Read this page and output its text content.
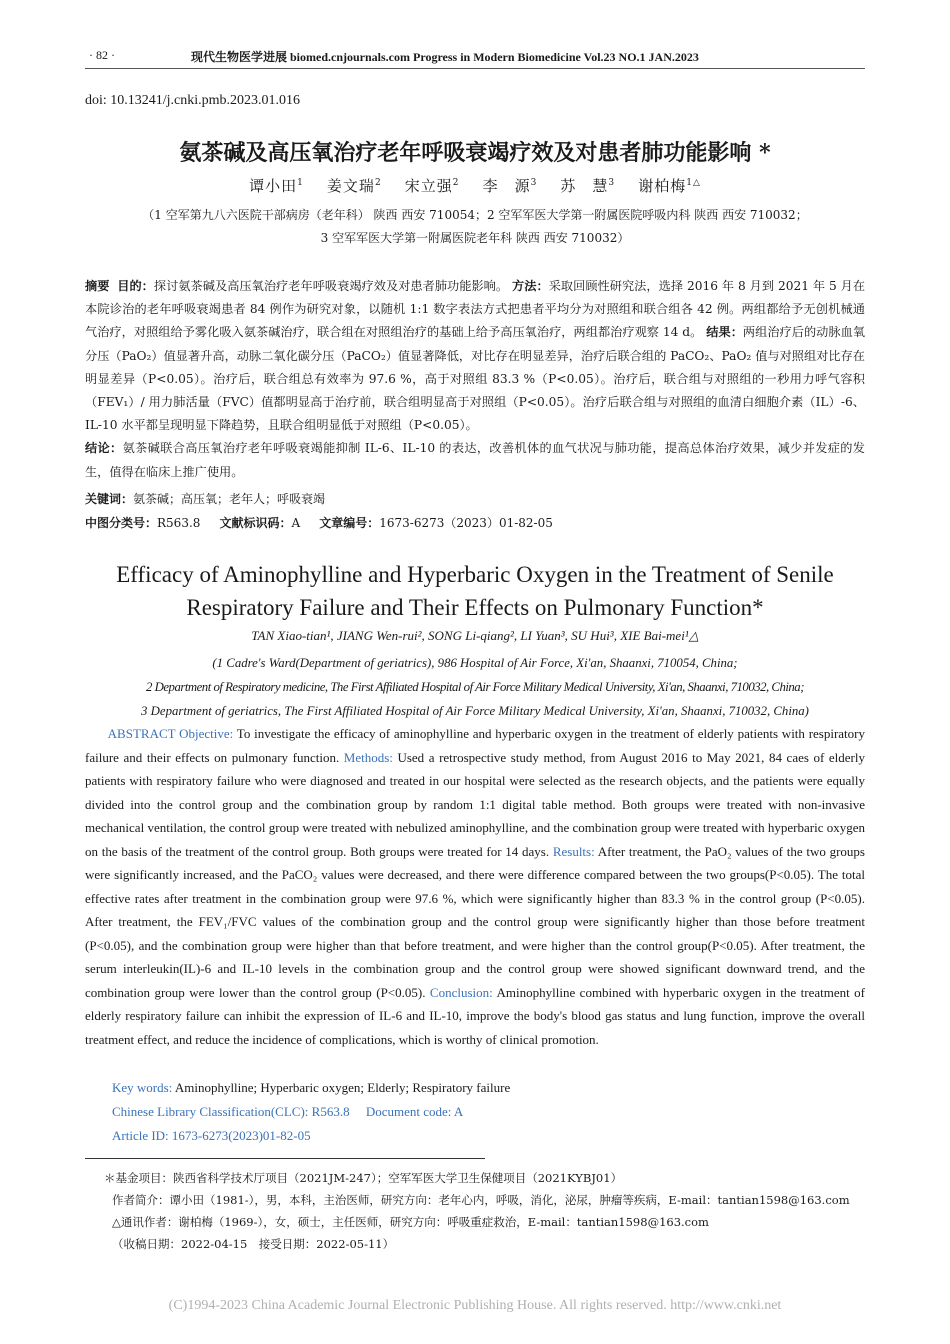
· 82 ·	现代生物医学进展 biomed.cnjournals.com Progress in Modern Biomedicine Vol.23 NO.1 JAN.2023
doi: 10.13241/j.cnki.pmb.2023.01.016
氨茶碱及高压氧治疗老年呼吸衰竭疗效及对患者肺功能影响 *
谭小田$^1$ 姜文瑞$^2$ 宋立强$^2$ 李　源$^3$ 苏　慧$^3$ 谢柏梅$^{1\triangle}$
（1 空军第九八六医院干部病房（老年科） 陕西 西安 710054；2 空军军医大学第一附属医院呼吸内科 陕西 西安 710032；
3 空军军医大学第一附属医院老年科 陕西 西安 710032）
摘要 目的：探讨氨茶碱及高压氧治疗老年呼吸衰竭疗效及对患者肺功能影响。 方法：采取回顾性研究法，选择 2016 年 8 月到 2021 年 5 月在本院诊治的老年呼吸衰竭患者 84 例作为研究对象，以随机 1:1 数字表法方式把患者平均分为对照组和联合组各 42 例。两组都给予无创机械通气治疗，对照组给予雾化吸入氨茶碱治疗，联合组在对照组治疗的基础上给予高压氧治疗，两组都治疗观察 14 d。 结果：两组治疗后的动脉血氧分压（PaO₂）值显著升高，动脉二氧化碳分压（PaCO₂）值显著降低，对比存在明显差异，治疗后联合组的 PaCO₂、PaO₂ 值与对照组对比存在明显差异（P<0.05）。治疗后，联合组总有效率为 97.6 %，高于对照组 83.3 %（P<0.05）。治疗后，联合组与对照组的一秒用力呼气容积（FEV₁）/ 用力肺活量（FVC）值都明显高于治疗前，联合组明显高于对照组（P<0.05）。治疗后联合组与对照组的血清白细胞介素（IL）-6、IL-10 水平都呈现明显下降趋势，且联合组明显低于对照组（P<0.05）。
结论：氨茶碱联合高压氧治疗老年呼吸衰竭能抑制 IL-6、IL-10 的表达，改善机体的血气状况与肺功能，提高总体治疗效果，减少并发症的发生，值得在临床上推广使用。
关键词：氨茶碱；高压氧；老年人；呼吸衰竭
中图分类号：R563.8 文献标识码：A 文章编号：1673-6273（2023）01-82-05
Efficacy of Aminophylline and Hyperbaric Oxygen in the Treatment of Senile
Respiratory Failure and Their Effects on Pulmonary Function*
TAN Xiao-tian¹, JIANG Wen-rui², SONG Li-qiang², LI Yuan³, SU Hui³, XIE Bai-mei¹△
(1 Cadre's Ward(Department of geriatrics), 986 Hospital of Air Force, Xi'an, Shaanxi, 710054, China;
2 Department of Respiratory medicine, The First Affiliated Hospital of Air Force Military Medical University, Xi'an, Shaanxi, 710032, China;
3 Department of geriatrics, The First Affiliated Hospital of Air Force Military Medical University, Xi'an, Shaanxi, 710032, China)
ABSTRACT Objective: To investigate the efficacy of aminophylline and hyperbaric oxygen in the treatment of elderly patients with respiratory failure and their effects on pulmonary function. Methods: Used a retrospective study method, from August 2016 to May 2021, 84 caes of elderly patients with respiratory failure who were diagnosed and treated in our hospital were selected as the research objects, and the patients were equally divided into the control group and the combination group by random 1:1 digital table method. Both groups were treated with non-invasive mechanical ventilation, the control group were treated with nebulized aminophylline, and the combination group were treated with hyperbaric oxygen on the basis of the treatment of the control group. Both groups were treated for 14 days. Results: After treatment, the PaO₂ values of the two groups were significantly increased, and the PaCO₂ values were decreased, and there were difference compared between the two groups(P<0.05). The total effective rates after treatment in the combination group were 97.6 %, which were significantly higher than 83.3 % in the control group (P<0.05). After treatment, the FEV₁/FVC values of the combination group and the control group were significantly higher than those before treatment (P<0.05), and the combination group were higher than that before treatment, and were higher than the control group(P<0.05). After treatment, the serum interleukin(IL)-6 and IL-10 levels in the combination group and the control group were showed significant downward trend, and the combination group were lower than the control group (P<0.05). Conclusion: Aminophylline combined with hyperbaric oxygen in the treatment of elderly respiratory failure can inhibit the expression of IL-6 and IL-10, improve the body's blood gas status and lung function, improve the overall treatment effect, and reduce the incidence of complications, which is worthy of clinical promotion.
Key words: Aminophylline; Hyperbaric oxygen; Elderly; Respiratory failure
Chinese Library Classification(CLC): R563.8 Document code: A
Article ID: 1673-6273(2023)01-82-05
＊基金项目：陕西省科学技术厅项目（2021JM-247）；空军军医大学卫生保健项目（2021KYBJ01）
作者简介：谭小田（1981-），男，本科，主治医师，研究方向：老年心内，呼吸，消化，泌尿，肿瘤等疾病，E-mail：tantian1598@163.com
△通讯作者：谢柏梅（1969-），女，硕士，主任医师，研究方向：呼吸重症救治，E-mail：tantian1598@163.com
（收稿日期：2022-04-15　接受日期：2022-05-11）
(C)1994-2023 China Academic Journal Electronic Publishing House. All rights reserved. http://www.cnki.net
